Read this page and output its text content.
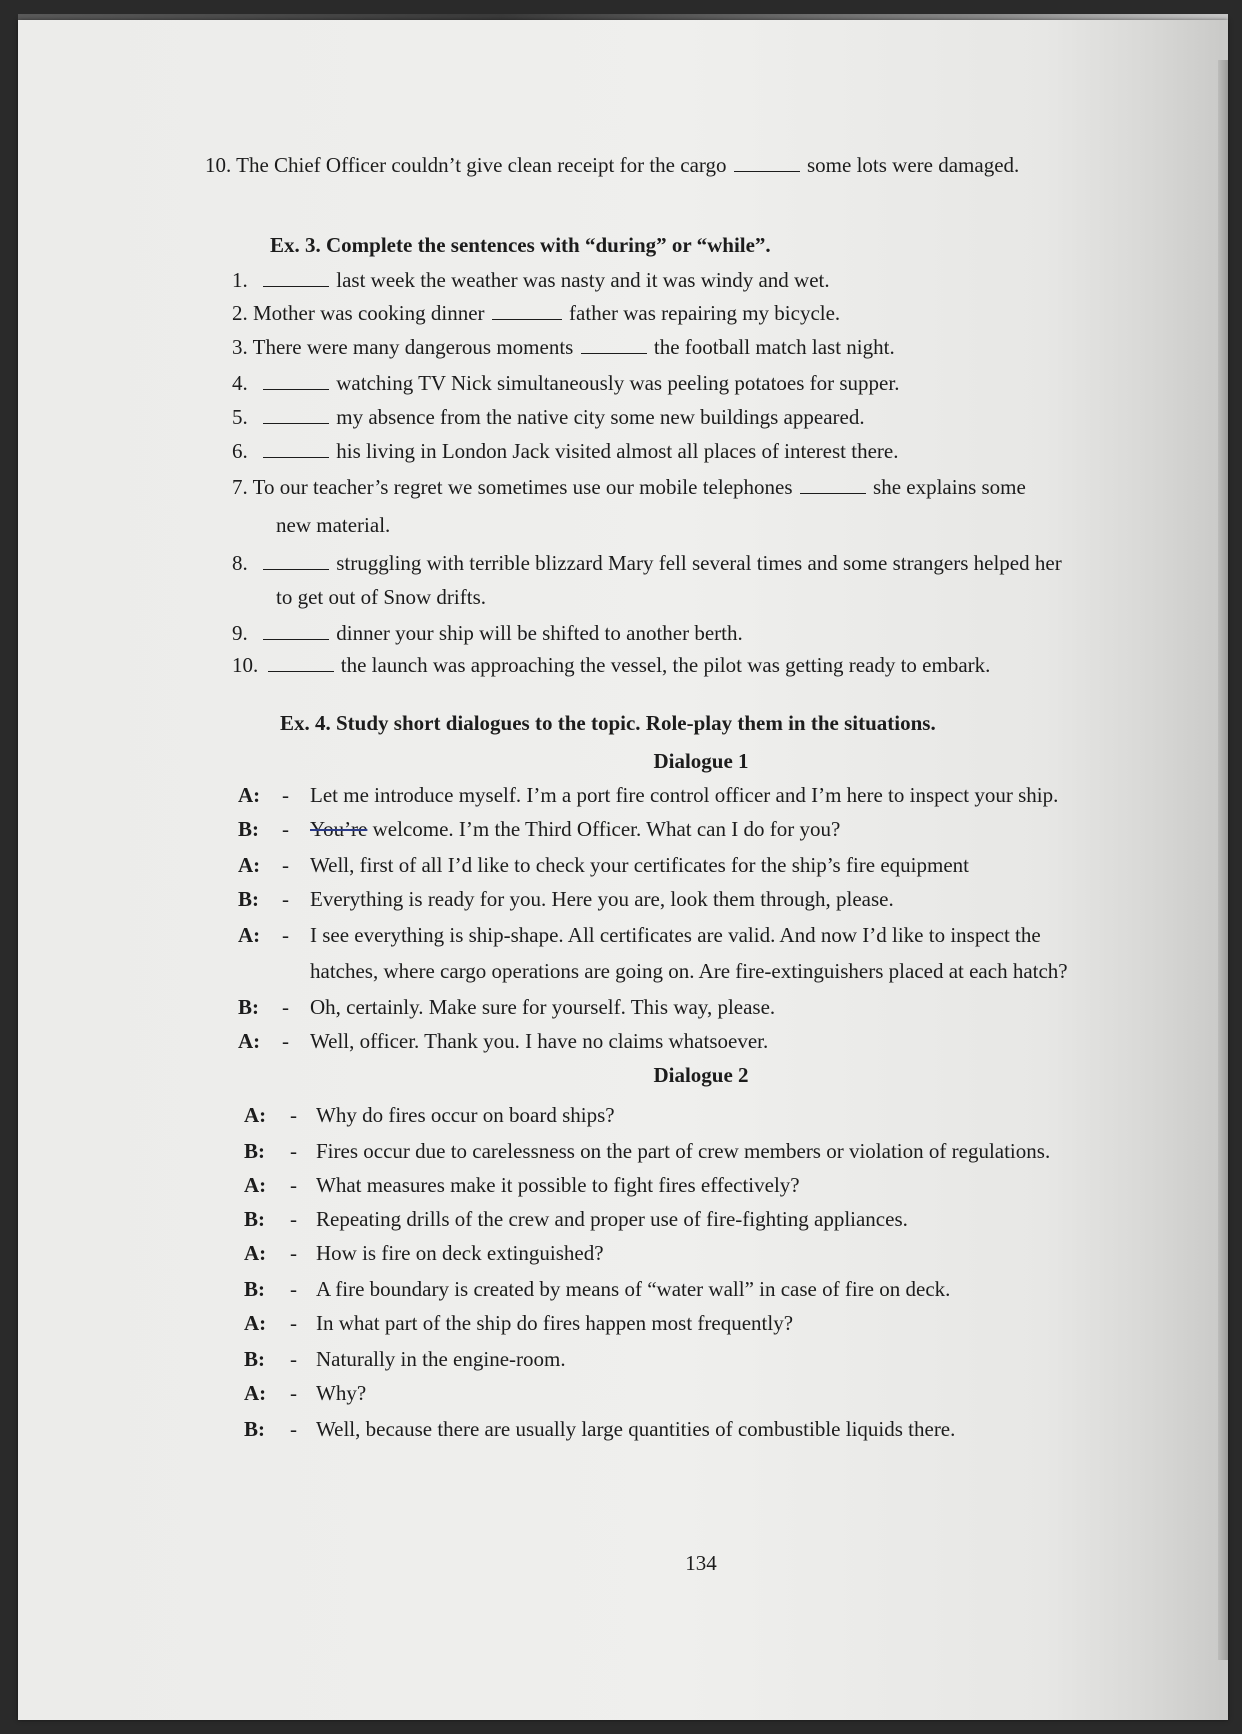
10. The Chief Officer couldn’t give clean receipt for the cargo	some lots were damaged.
Ex. 3. Complete the sentences with “during” or “while”.
1.	last week the weather was nasty and it was windy and wet.
2. Mother was cooking dinner	father was repairing my bicycle.
3. There were many dangerous moments	the football match last night.
4.	watching TV Nick simultaneously was peeling potatoes for supper.
5.	my absence from the native city some new buildings appeared.
6.	his living in London Jack visited almost all places of interest there.
7. To our teacher’s regret we sometimes use our mobile telephones	she explains some
new material.
8.	struggling with terrible blizzard Mary fell several times and some strangers helped her
to get out of Snow drifts.
9.	dinner your ship will be shifted to another berth.
10.	the launch was approaching the vessel, the pilot was getting ready to embark.
Ex. 4. Study short dialogues to the topic. Role-play them in the situations.
Dialogue 1
A:	-	Let me introduce myself. I’m a port fire control officer and I’m here to inspect your ship.
B:	-	You’re welcome. I’m the Third Officer. What can I do for you?
A:	-	Well, first of all I’d like to check your certificates for the ship’s fire equipment
B:	-	Everything is ready for you. Here you are, look them through, please.
A:	-	I see everything is ship-shape. All certificates are valid. And now I’d like to inspect the
hatches, where cargo operations are going on. Are fire-extinguishers placed at each hatch?
B:	-	Oh, certainly. Make sure for yourself. This way, please.
A:	-	Well, officer. Thank you. I have no claims whatsoever.
Dialogue 2
A:	- Why do fires occur on board ships?
B:	- Fires occur due to carelessness on the part of crew members or violation of regulations.
A:	- What measures make it possible to fight fires effectively?
B:	- Repeating drills of the crew and proper use of fire-fighting appliances.
A:	- How is fire on deck extinguished?
B:	- A fire boundary is created by means of “water wall” in case of fire on deck.
A:	- In what part of the ship do fires happen most frequently?
B:	- Naturally in the engine-room.
A:	- Why?
B:	- Well, because there are usually large quantities of combustible liquids there.
134
